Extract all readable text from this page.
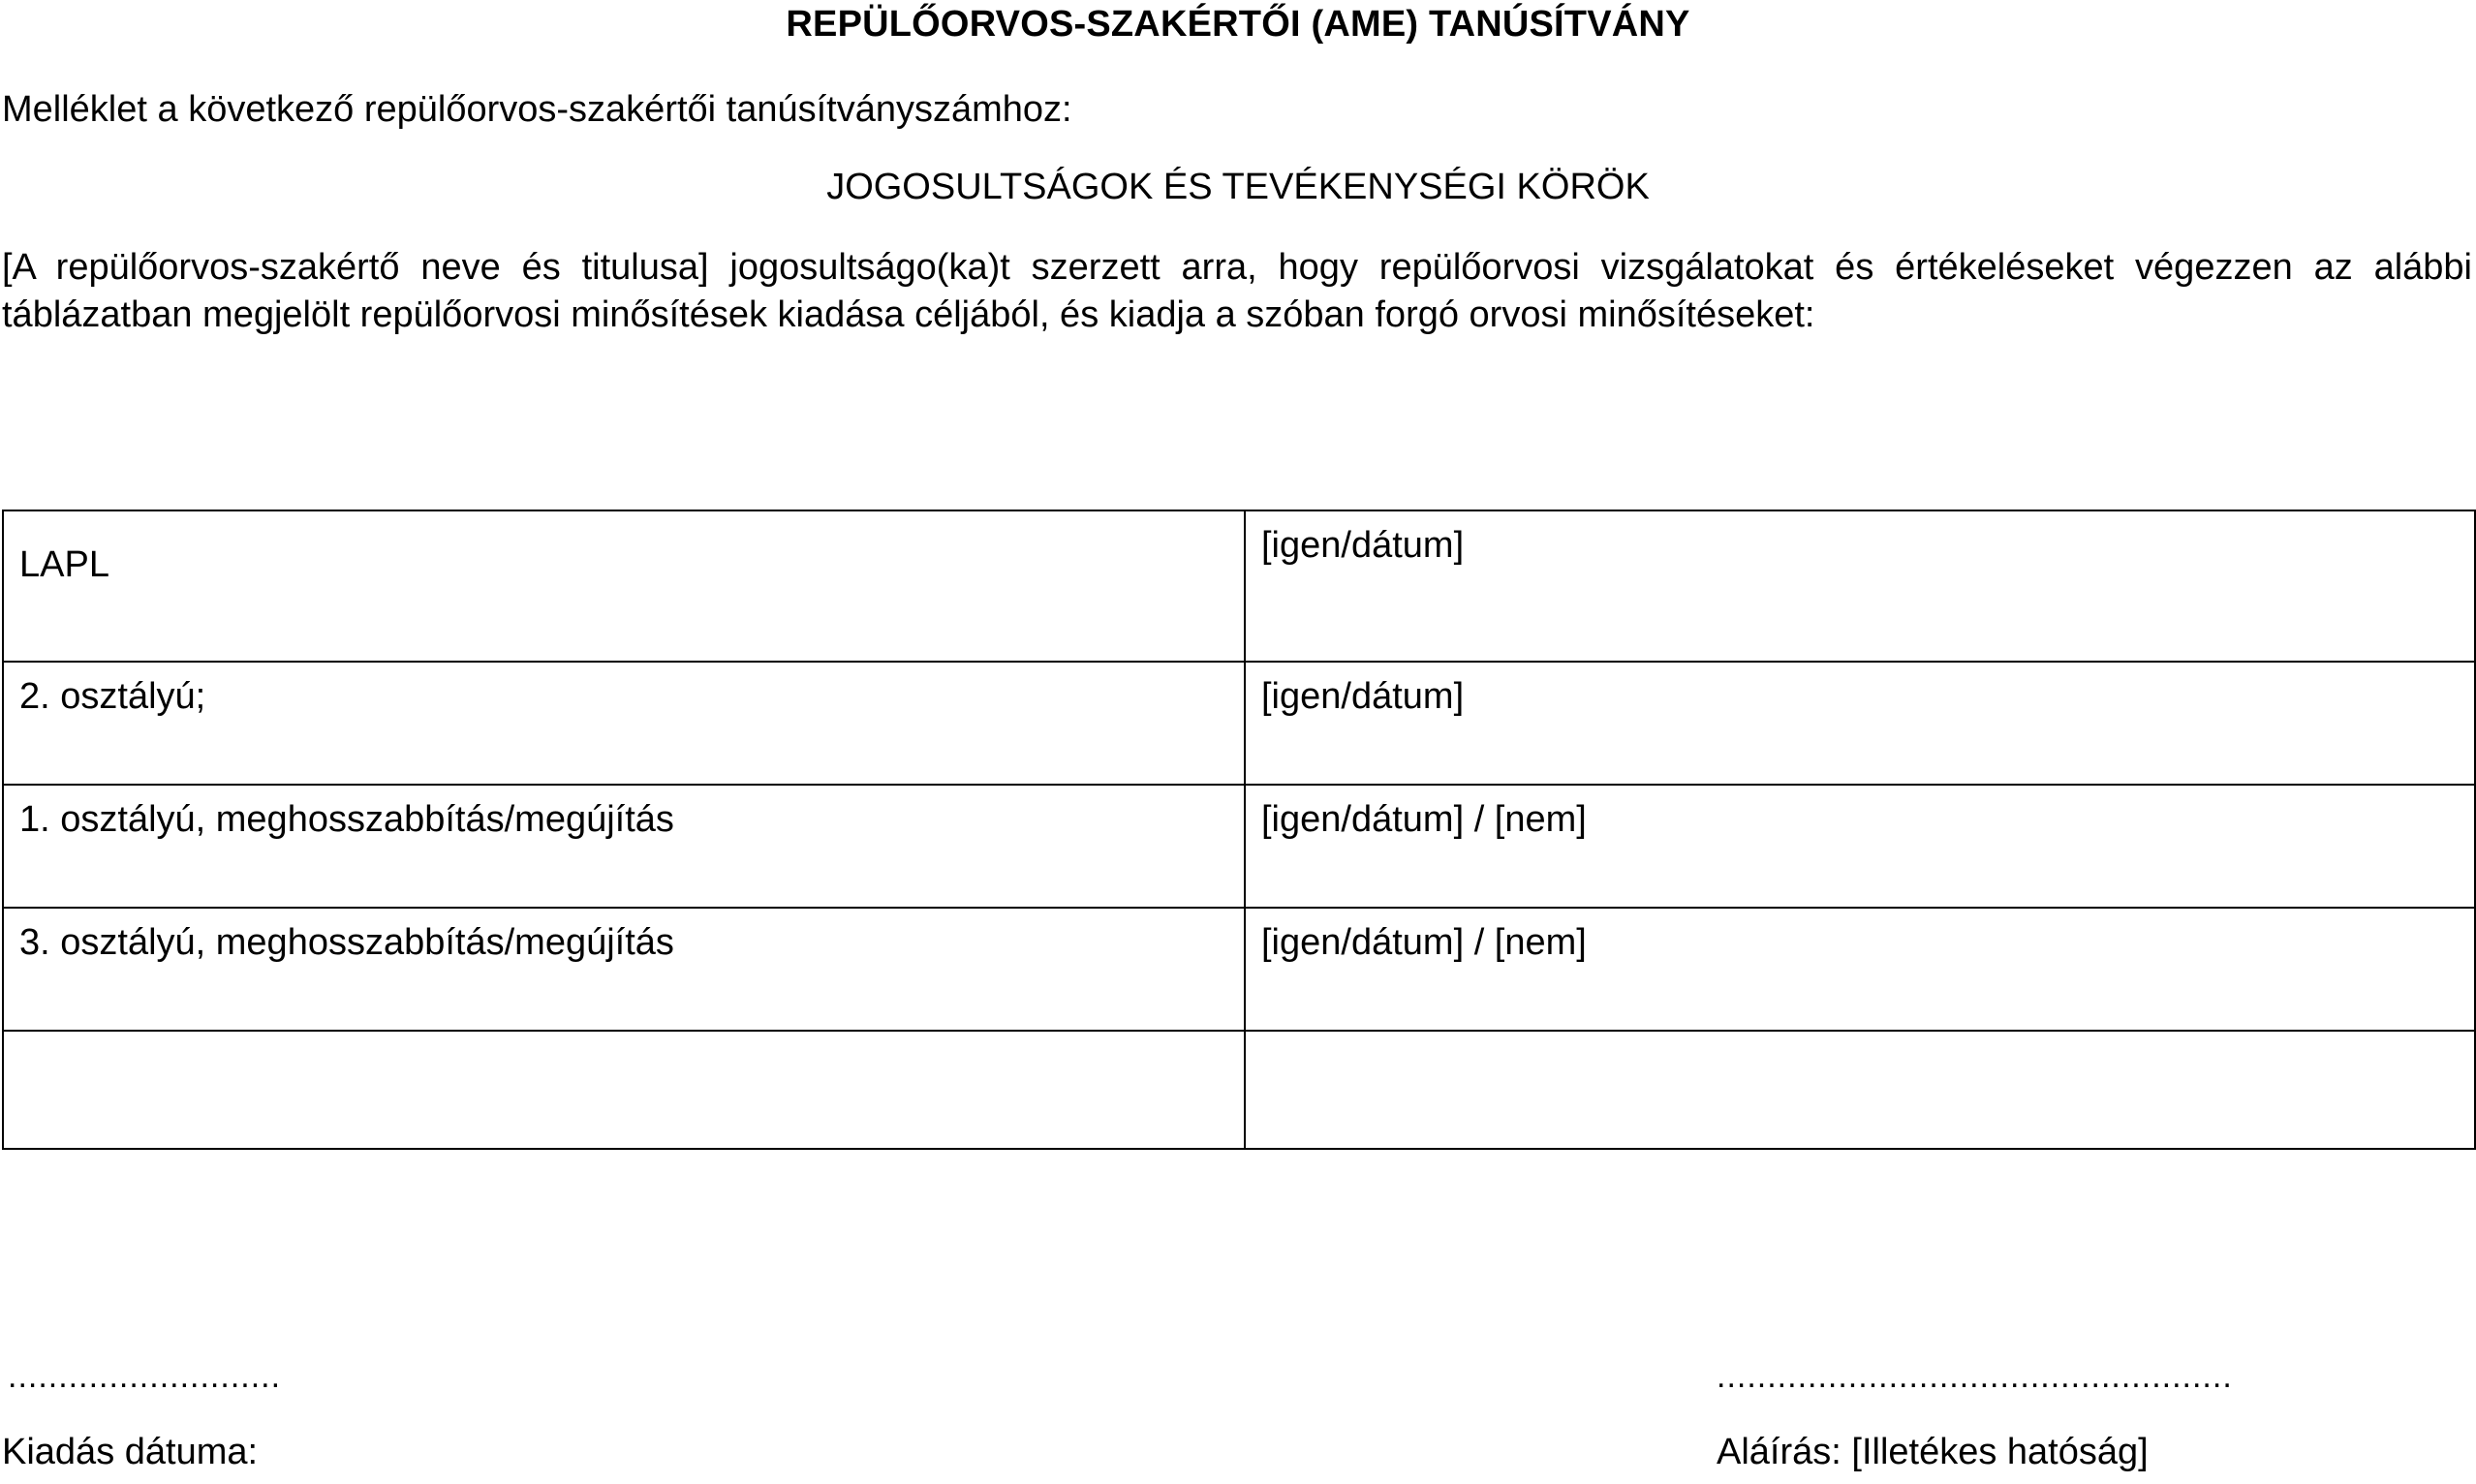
REPÜLŐORVOS-SZAKÉRTŐI (AME) TANÚSÍTVÁNY
Melléklet a következő repülőorvos-szakértői tanúsítványszámhoz:
JOGOSULTSÁGOK ÉS TEVÉKENYSÉGI KÖRÖK
[A repülőorvos-szakértő neve és titulusa] jogosultságo(ka)t szerzett arra, hogy repülőorvosi vizsgálatokat és értékeléseket végezzen az alábbi táblázatban megjelölt repülőorvosi minősítések kiadása céljából, és kiadja a szóban forgó orvosi minősítéseket:
LAPL	[igen/dátum]
2. osztályú;	[igen/dátum]
1. osztályú, meghosszabbítás/megújítás	[igen/dátum] / [nem]
3. osztályú, meghosszabbítás/megújítás	[igen/dátum] / [nem]

...........................	...................................................
Kiadás dátuma:	Aláírás: [Illetékes hatóság]
